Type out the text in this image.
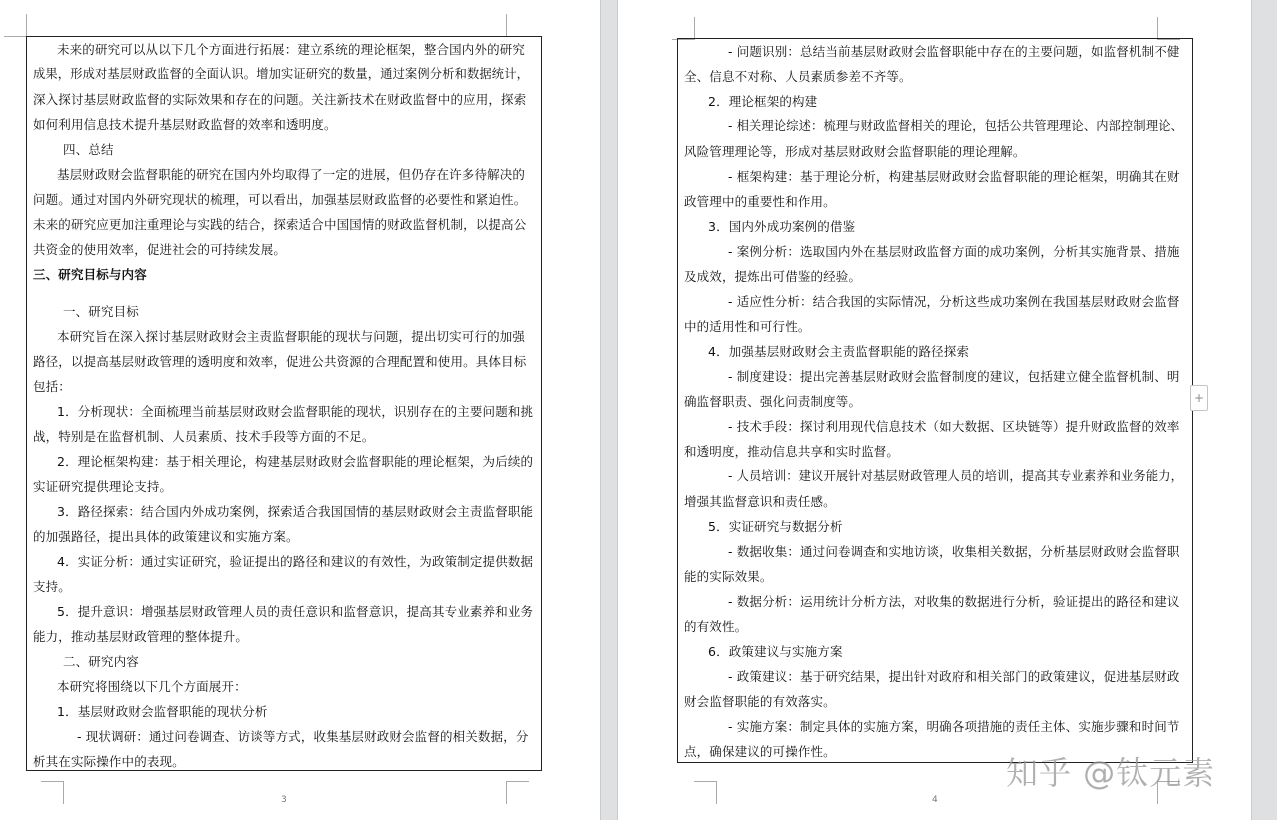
未来的研究可以从以下几个方面进行拓展：建立系统的理论框架，整合国内外的研究
成果，形成对基层财政监督的全面认识。增加实证研究的数量，通过案例分析和数据统计，
深入探讨基层财政监督的实际效果和存在的问题。关注新技术在财政监督中的应用，探索
如何利用信息技术提升基层财政监督的效率和透明度。
四、总结
基层财政财会监督职能的研究在国内外均取得了一定的进展，但仍存在许多待解决的
问题。通过对国内外研究现状的梳理，可以看出，加强基层财政监督的必要性和紧迫性。
未来的研究应更加注重理论与实践的结合，探索适合中国国情的财政监督机制，以提高公
共资金的使用效率，促进社会的可持续发展。
三、研究目标与内容
一、研究目标
本研究旨在深入探讨基层财政财会主责监督职能的现状与问题，提出切实可行的加强
路径，以提高基层财政管理的透明度和效率，促进公共资源的合理配置和使用。具体目标
包括：
1．分析现状：全面梳理当前基层财政财会监督职能的现状，识别存在的主要问题和挑
战，特别是在监督机制、人员素质、技术手段等方面的不足。
2．理论框架构建：基于相关理论，构建基层财政财会监督职能的理论框架，为后续的
实证研究提供理论支持。
3．路径探索：结合国内外成功案例，探索适合我国国情的基层财政财会主责监督职能
的加强路径，提出具体的政策建议和实施方案。
4．实证分析：通过实证研究，验证提出的路径和建议的有效性，为政策制定提供数据
支持。
5．提升意识：增强基层财政管理人员的责任意识和监督意识，提高其专业素养和业务
能力，推动基层财政管理的整体提升。
二、研究内容
本研究将围绕以下几个方面展开：
1．基层财政财会监督职能的现状分析
- 现状调研：通过问卷调查、访谈等方式，收集基层财政财会监督的相关数据，分
析其在实际操作中的表现。
3
- 问题识别：总结当前基层财政财会监督职能中存在的主要问题，如监督机制不健
全、信息不对称、人员素质参差不齐等。
2．理论框架的构建
- 相关理论综述：梳理与财政监督相关的理论，包括公共管理理论、内部控制理论、
风险管理理论等，形成对基层财政财会监督职能的理论理解。
- 框架构建：基于理论分析，构建基层财政财会监督职能的理论框架，明确其在财
政管理中的重要性和作用。
3．国内外成功案例的借鉴
- 案例分析：选取国内外在基层财政监督方面的成功案例，分析其实施背景、措施
及成效，提炼出可借鉴的经验。
- 适应性分析：结合我国的实际情况，分析这些成功案例在我国基层财政财会监督
中的适用性和可行性。
4．加强基层财政财会主责监督职能的路径探索
- 制度建设：提出完善基层财政财会监督制度的建议，包括建立健全监督机制、明
确监督职责、强化问责制度等。
- 技术手段：探讨利用现代信息技术（如大数据、区块链等）提升财政监督的效率
和透明度，推动信息共享和实时监督。
- 人员培训：建议开展针对基层财政管理人员的培训，提高其专业素养和业务能力，
增强其监督意识和责任感。
5．实证研究与数据分析
- 数据收集：通过问卷调查和实地访谈，收集相关数据，分析基层财政财会监督职
能的实际效果。
- 数据分析：运用统计分析方法，对收集的数据进行分析，验证提出的路径和建议
的有效性。
6．政策建议与实施方案
- 政策建议：基于研究结果，提出针对政府和相关部门的政策建议，促进基层财政
财会监督职能的有效落实。
- 实施方案：制定具体的实施方案，明确各项措施的责任主体、实施步骤和时间节
点，确保建议的可操作性。
4
+
知乎 @钛元素
